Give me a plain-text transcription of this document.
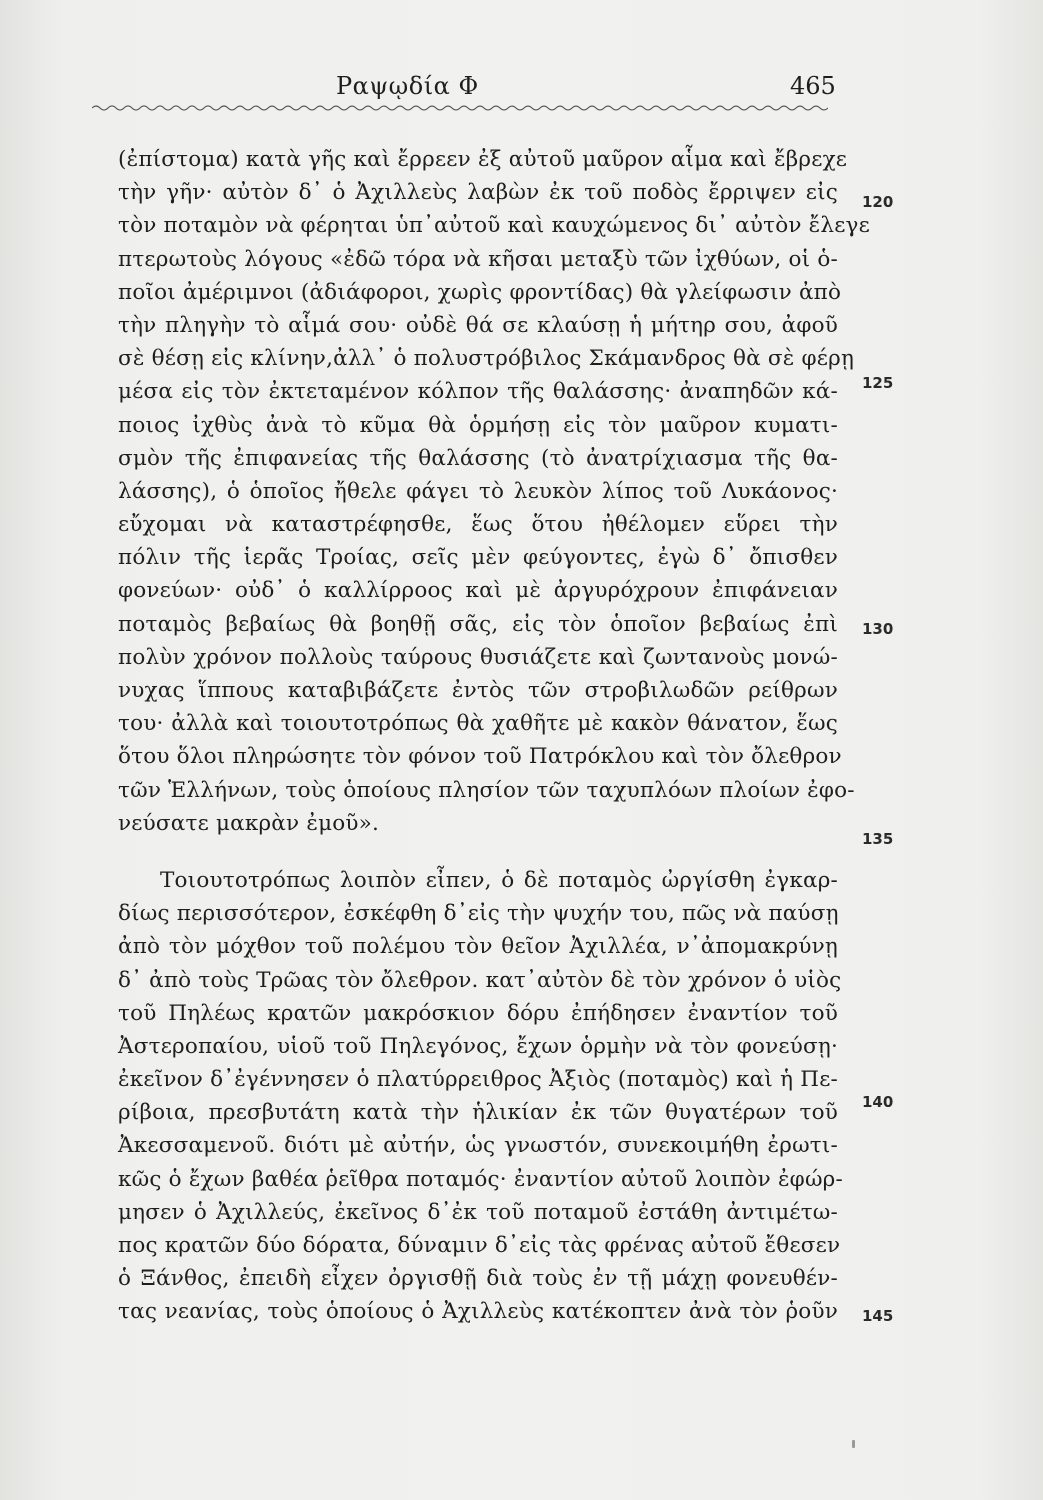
Ραψῳδία Φ	465
(ἐπίστομα) κατὰ γῆς καὶ ἔρρεεν ἐξ αὐτοῦ μαῦρον αἷμα καὶ ἔβρεχε
τὴν γῆν· αὐτὸν δ᾽ ὁ Ἀχιλλεὺς λαβὼν ἐκ τοῦ ποδὸς ἔρριψεν εἰς
τὸν ποταμὸν νὰ φέρηται ὑπ᾽αὐτοῦ καὶ καυχώμενος δι᾽ αὐτὸν ἔλεγε
πτερωτοὺς λόγους «ἐδῶ τόρα νὰ κῆσαι μεταξὺ τῶν ἰχθύων, οἱ ὁ-
ποῖοι ἀμέριμνοι (ἀδιάφοροι, χωρὶς φροντίδας) θὰ γλείφωσιν ἀπὸ
τὴν πληγὴν τὸ αἷμά σου· οὐδὲ θά σε κλαύσῃ ἡ μήτηρ σου, ἀφοῦ
σὲ θέσῃ εἰς κλίνην,ἀλλ᾽ ὁ πολυστρόβιλος Σκάμανδρος θὰ σὲ φέρῃ
μέσα εἰς τὸν ἐκτεταμένον κόλπον τῆς θαλάσσης· ἀναπηδῶν κά-
ποιος ἰχθὺς ἀνὰ τὸ κῦμα θὰ ὁρμήσῃ εἰς τὸν μαῦρον κυματι-
σμὸν τῆς ἐπιφανείας τῆς θαλάσσης (τὸ ἀνατρίχιασμα τῆς θα-
λάσσης), ὁ ὁποῖος ἤθελε φάγει τὸ λευκὸν λίπος τοῦ Λυκάονος·
εὔχομαι νὰ καταστρέφησθε, ἕως ὅτου ἠθέλομεν εὕρει τὴν
πόλιν τῆς ἱερᾶς Τροίας, σεῖς μὲν φεύγοντες, ἐγὼ δ᾽ ὄπισθεν
φονεύων· οὐδ᾽ ὁ καλλίρροος καὶ μὲ ἀργυρόχρουν ἐπιφάνειαν
ποταμὸς βεβαίως θὰ βοηθῇ σᾶς, εἰς τὸν ὁποῖον βεβαίως ἐπὶ
πολὺν χρόνον πολλοὺς ταύρους θυσιάζετε καὶ ζωντανοὺς μονώ-
νυχας ἵππους καταβιβάζετε ἐντὸς τῶν στροβιλωδῶν ρείθρων
του· ἀλλὰ καὶ τοιουτοτρόπως θὰ χαθῆτε μὲ κακὸν θάνατον, ἕως
ὅτου ὅλοι πληρώσητε τὸν φόνον τοῦ Πατρόκλου καὶ τὸν ὄλεθρον
τῶν Ἑλλήνων, τοὺς ὁποίους πλησίον τῶν ταχυπλόων πλοίων ἐφο-
νεύσατε μακρὰν ἐμοῦ».
Τοιουτοτρόπως λοιπὸν εἶπεν, ὁ δὲ ποταμὸς ὠργίσθη ἐγκαρ-
δίως περισσότερον, ἐσκέφθη δ᾽εἰς τὴν ψυχήν του, πῶς νὰ παύσῃ
ἀπὸ τὸν μόχθον τοῦ πολέμου τὸν θεῖον Ἀχιλλέα, ν᾽ἀπομακρύνῃ
δ᾽ ἀπὸ τοὺς Τρῶας τὸν ὄλεθρον. κατ᾽αὐτὸν δὲ τὸν χρόνον ὁ υἱὸς
τοῦ Πηλέως κρατῶν μακρόσκιον δόρυ ἐπήδησεν ἐναντίον τοῦ
Ἀστεροπαίου, υἱοῦ τοῦ Πηλεγόνος, ἔχων ὁρμὴν νὰ τὸν φονεύσῃ·
ἐκεῖνον δ᾽ἐγέννησεν ὁ πλατύρρειθρος Ἀξιὸς (ποταμὸς) καὶ ἡ Πε-
ρίβοια, πρεσβυτάτη κατὰ τὴν ἡλικίαν ἐκ τῶν θυγατέρων τοῦ
Ἀκεσσαμενοῦ. διότι μὲ αὐτήν, ὡς γνωστόν, συνεκοιμήθη ἐρωτι-
κῶς ὁ ἔχων βαθέα ῥεῖθρα ποταμός· ἐναντίον αὐτοῦ λοιπὸν ἐφώρ-
μησεν ὁ Ἀχιλλεύς, ἐκεῖνος δ᾽ἐκ τοῦ ποταμοῦ ἐστάθη ἀντιμέτω-
πος κρατῶν δύο δόρατα, δύναμιν δ᾽εἰς τὰς φρένας αὐτοῦ ἔθεσεν
ὁ Ξάνθος, ἐπειδὴ εἶχεν ὀργισθῇ διὰ τοὺς ἐν τῇ μάχῃ φονευθέν-
τας νεανίας, τοὺς ὁποίους ὁ Ἀχιλλεὺς κατέκοπτεν ἀνὰ τὸν ῥοῦν
120
125
130
135
140
145
